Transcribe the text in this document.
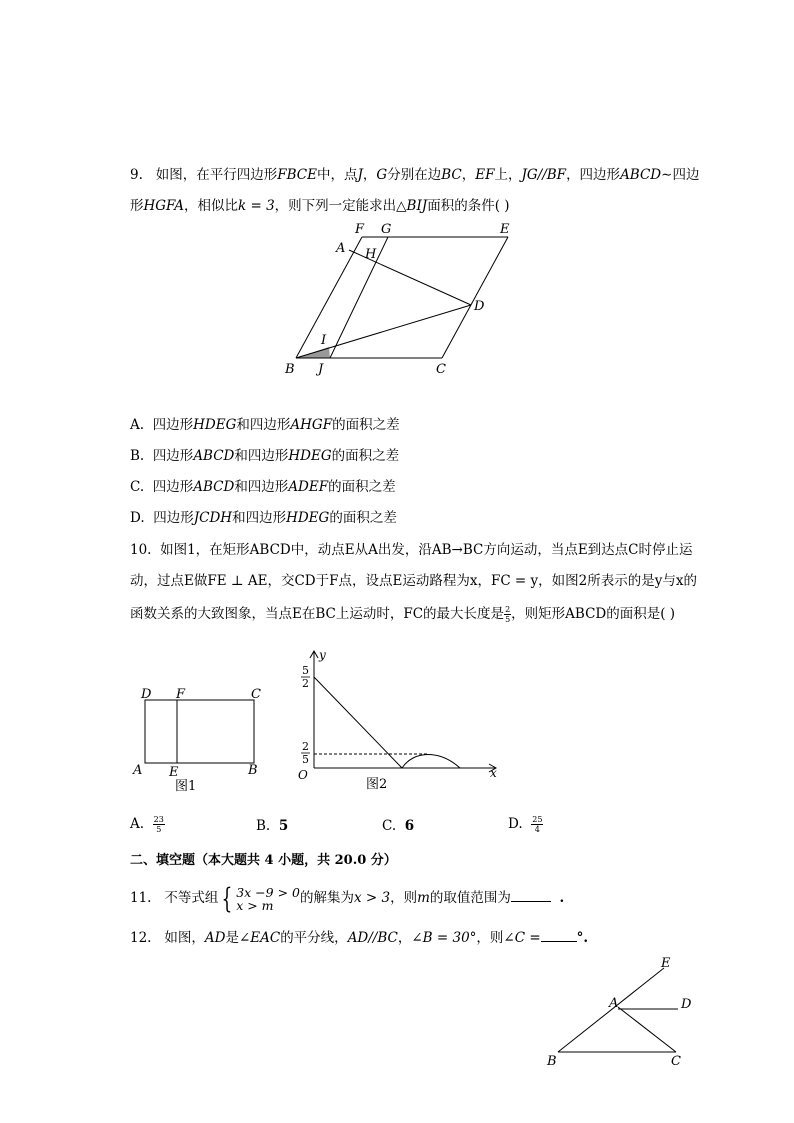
9. 如图，在平行四边形FBCE中，点J，G分别在边BC，EF上，JG//BF，四边形ABCD∼四边
形HGFA，相似比k = 3，则下列一定能求出△BIJ面积的条件( )
F G	E
A H
D
I
B J	C
A. 四边形HDEG和四边形AHGF的面积之差
B. 四边形ABCD和四边形HDEG的面积之差
C. 四边形ABCD和四边形ADEF的面积之差
D. 四边形JCDH和四边形HDEG的面积之差
10. 如图1，在矩形ABCD中，动点E从A出发，沿AB→BC方向运动，当点E到达点C时停止运
动，过点E做FE ⊥ AE，交CD于F点，设点E运动路程为x，FC = y，如图2所表示的是y与x的
函数关系的大致图象，当点E在BC上运动时，FC的最大长度是 $\frac{2}{5}$ ，则矩形ABCD的面积是( )
D F	C
A E	B
图1
y
x
O
5
2
2
5
图2
A. $\frac{23}{5}$	B. 5	C. 6	D. $\frac{25}{4}$
二、填空题（本大题共 4 小题，共 20.0 分）
11. 不等式组 { 3x −9 > 0
x > m	的解集为x > 3，则m的取值范围为	.
12. 如图，AD是∠EAC的平分线，AD//BC，∠B = 30°，则∠C =	°.
E
A	D
B	C
